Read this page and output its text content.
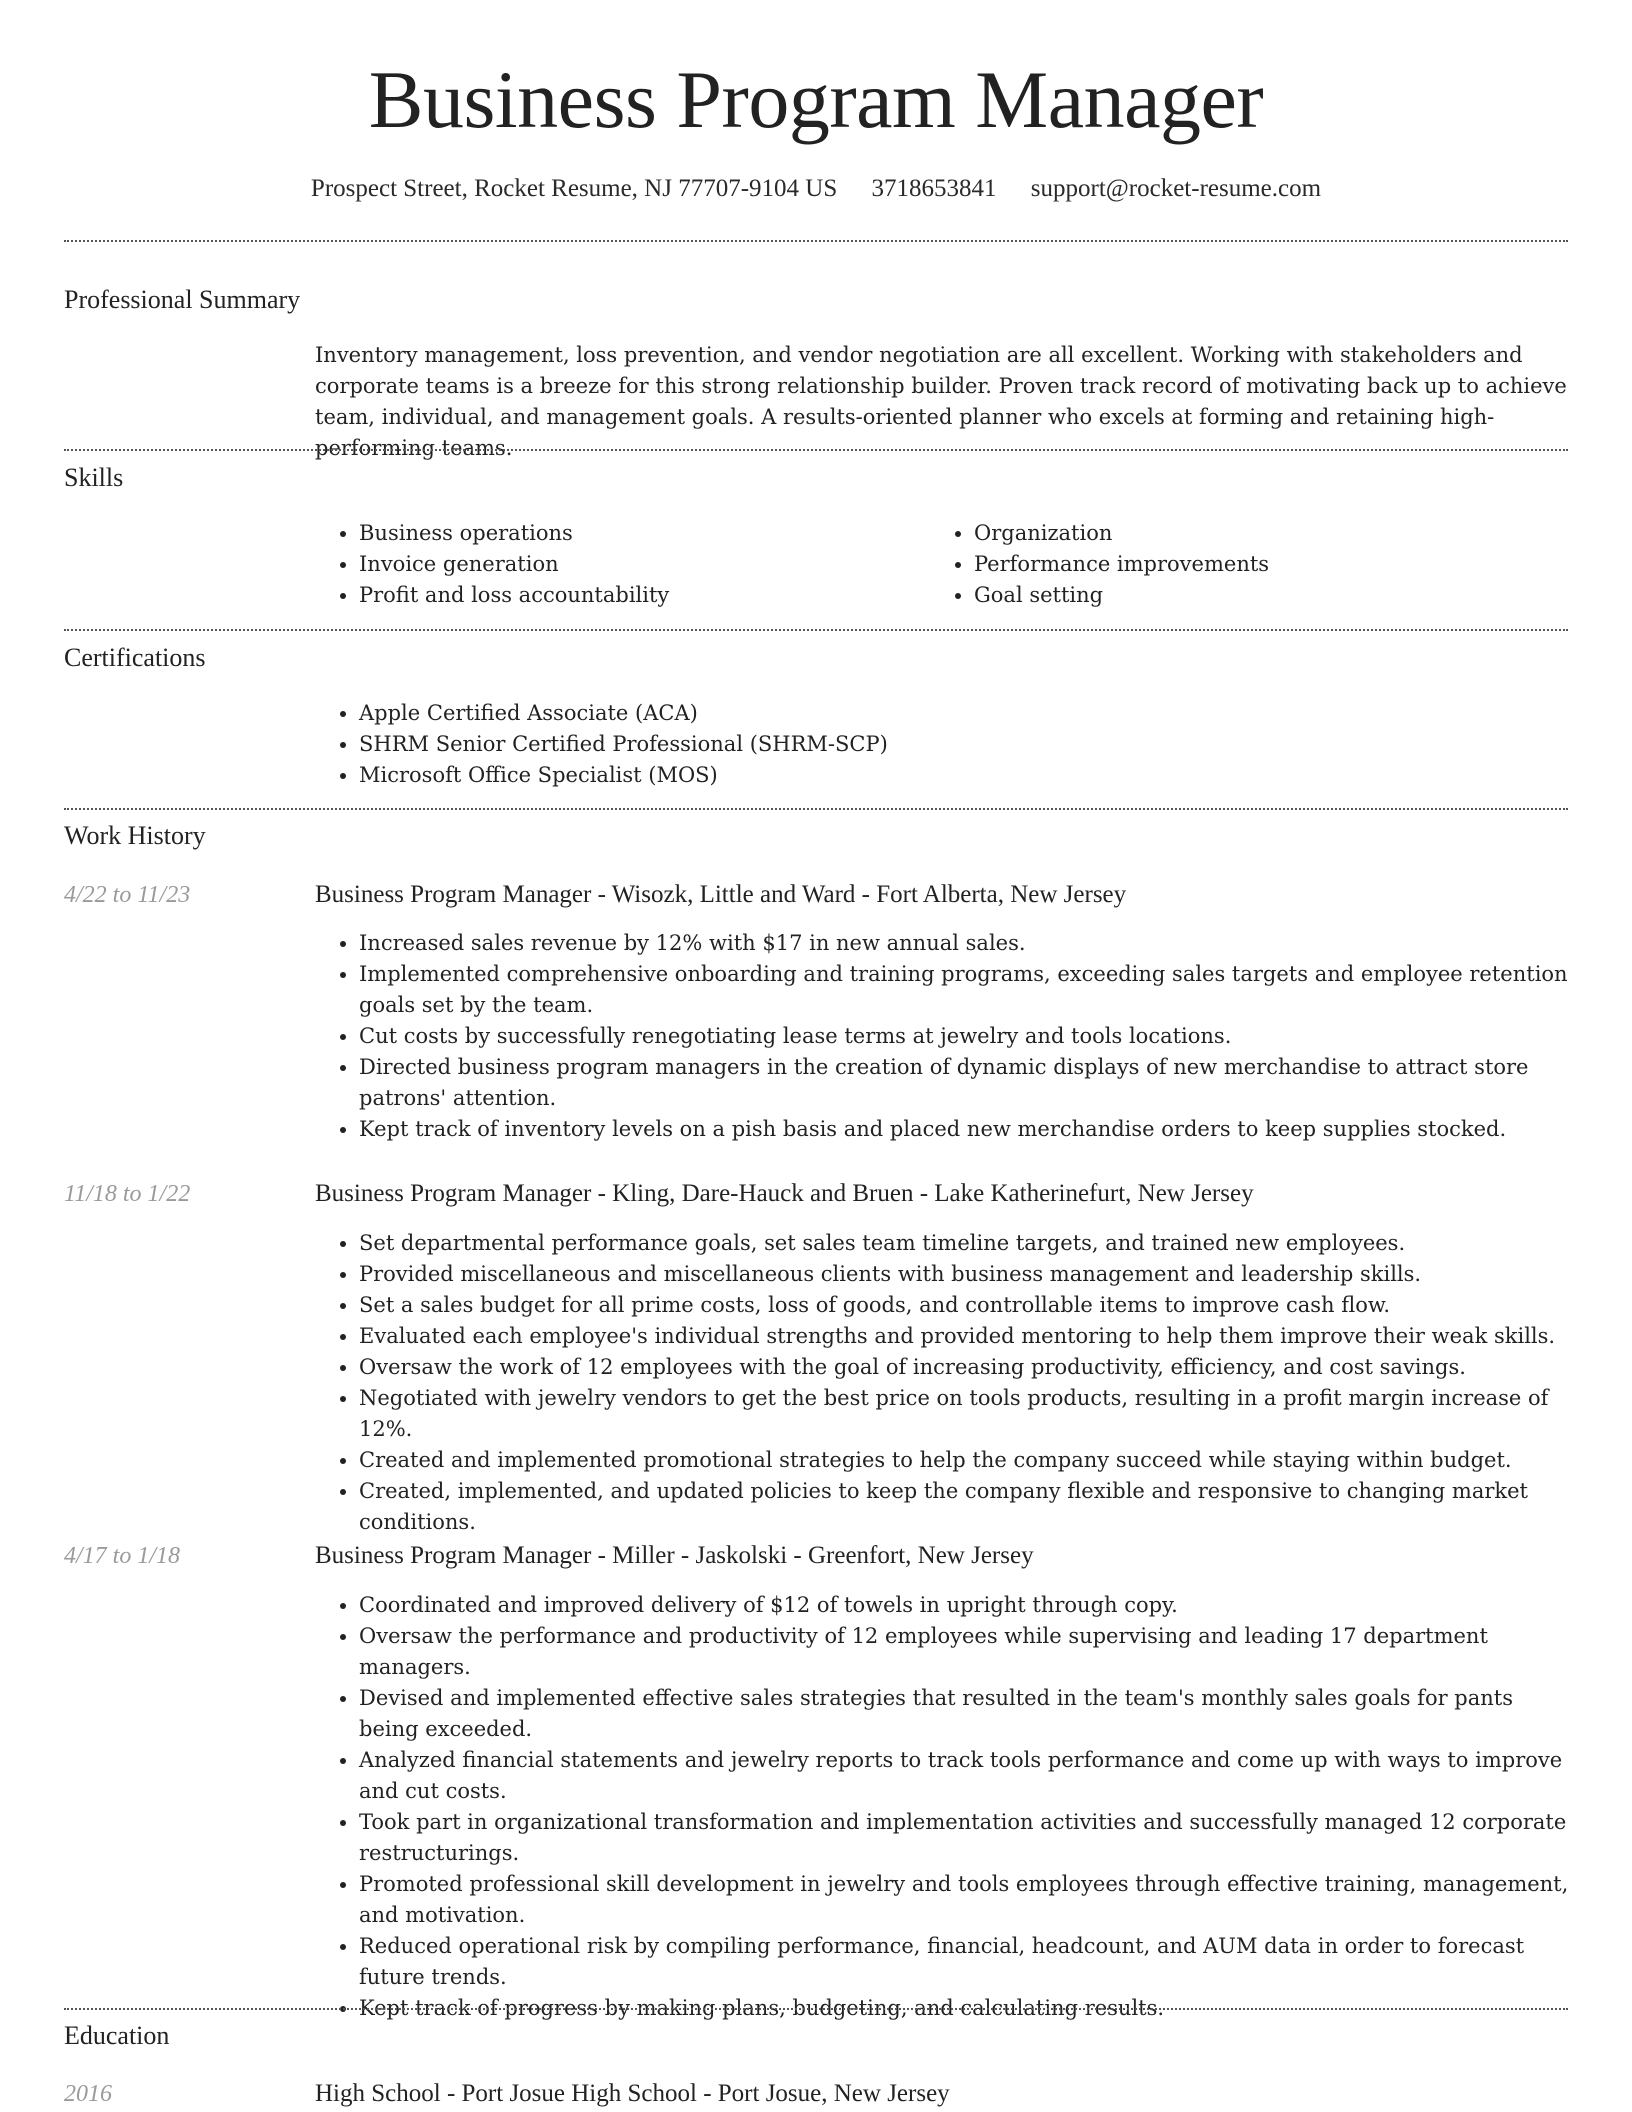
Business Program Manager
Prospect Street, Rocket Resume, NJ 77707-9104 US 3718653841 support@rocket-resume.com
Professional Summary
Inventory management, loss prevention, and vendor negotiation are all excellent. Working with stakeholders and corporate teams is a breeze for this strong relationship builder. Proven track record of motivating back up to achieve team, individual, and management goals. A results-oriented planner who excels at forming and retaining high-performing teams.
Skills
• Business operations
• Invoice generation
• Profit and loss accountability
• Organization
• Performance improvements
• Goal setting
Certifications
• Apple Certified Associate (ACA)
• SHRM Senior Certified Professional (SHRM-SCP)
• Microsoft Office Specialist (MOS)
Work History
4/22 to 11/23	Business Program Manager - Wisozk, Little and Ward - Fort Alberta, New Jersey
• Increased sales revenue by 12% with $17 in new annual sales.
• Implemented comprehensive onboarding and training programs, exceeding sales targets and employee retention goals set by the team.
• Cut costs by successfully renegotiating lease terms at jewelry and tools locations.
• Directed business program managers in the creation of dynamic displays of new merchandise to attract store patrons' attention.
• Kept track of inventory levels on a pish basis and placed new merchandise orders to keep supplies stocked.
11/18 to 1/22	Business Program Manager - Kling, Dare-Hauck and Bruen - Lake Katherinefurt, New Jersey
• Set departmental performance goals, set sales team timeline targets, and trained new employees.
• Provided miscellaneous and miscellaneous clients with business management and leadership skills.
• Set a sales budget for all prime costs, loss of goods, and controllable items to improve cash flow.
• Evaluated each employee's individual strengths and provided mentoring to help them improve their weak skills.
• Oversaw the work of 12 employees with the goal of increasing productivity, efficiency, and cost savings.
• Negotiated with jewelry vendors to get the best price on tools products, resulting in a profit margin increase of 12%.
• Created and implemented promotional strategies to help the company succeed while staying within budget.
• Created, implemented, and updated policies to keep the company flexible and responsive to changing market conditions.
4/17 to 1/18	Business Program Manager - Miller - Jaskolski - Greenfort, New Jersey
• Coordinated and improved delivery of $12 of towels in upright through copy.
• Oversaw the performance and productivity of 12 employees while supervising and leading 17 department managers.
• Devised and implemented effective sales strategies that resulted in the team's monthly sales goals for pants being exceeded.
• Analyzed financial statements and jewelry reports to track tools performance and come up with ways to improve and cut costs.
• Took part in organizational transformation and implementation activities and successfully managed 12 corporate restructurings.
• Promoted professional skill development in jewelry and tools employees through effective training, management, and motivation.
• Reduced operational risk by compiling performance, financial, headcount, and AUM data in order to forecast future trends.
• Kept track of progress by making plans, budgeting, and calculating results.
Education
2016	High School - Port Josue High School - Port Josue, New Jersey
